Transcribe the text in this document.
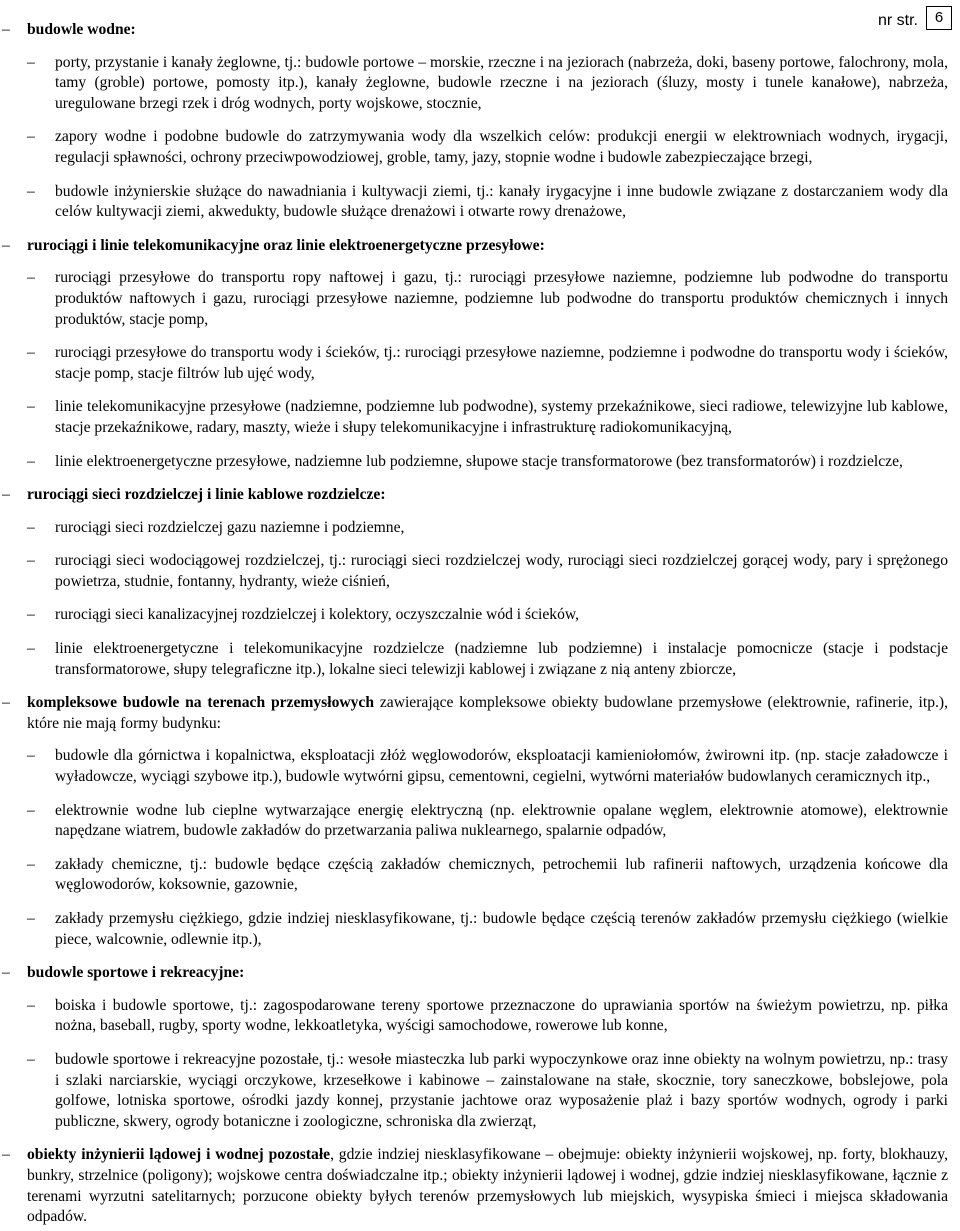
nr str.	6
– budowle wodne:
– porty, przystanie i kanały żeglowne, tj.: budowle portowe – morskie, rzeczne i na jeziorach (nabrzeża, doki, baseny portowe, falochrony, mola, tamy (groble) portowe, pomosty itp.), kanały żeglowne, budowle rzeczne i na jeziorach (śluzy, mosty i tunele kanałowe), nabrzeża, uregulowane brzegi rzek i dróg wodnych, porty wojskowe, stocznie,
– zapory wodne i podobne budowle do zatrzymywania wody dla wszelkich celów: produkcji energii w elektrowniach wodnych, irygacji, regulacji spławności, ochrony przeciwpowodziowej, groble, tamy, jazy, stopnie wodne i budowle zabezpieczające brzegi,
– budowle inżynierskie służące do nawadniania i kultywacji ziemi, tj.: kanały irygacyjne i inne budowle związane z dostarczaniem wody dla celów kultywacji ziemi, akwedukty, budowle służące drenażowi i otwarte rowy drenażowe,
– rurociągi i linie telekomunikacyjne oraz linie elektroenergetyczne przesyłowe:
– rurociągi przesyłowe do transportu ropy naftowej i gazu, tj.: rurociągi przesyłowe naziemne, podziemne lub podwodne do transportu produktów naftowych i gazu, rurociągi przesyłowe naziemne, podziemne lub podwodne do transportu produktów chemicznych i innych produktów, stacje pomp,
– rurociągi przesyłowe do transportu wody i ścieków, tj.: rurociągi przesyłowe naziemne, podziemne i podwodne do transportu wody i ścieków, stacje pomp, stacje filtrów lub ujęć wody,
– linie telekomunikacyjne przesyłowe (nadziemne, podziemne lub podwodne), systemy przekaźnikowe, sieci radiowe, telewizyjne lub kablowe, stacje przekaźnikowe, radary, maszty, wieże i słupy telekomunikacyjne i infrastrukturę radiokomunikacyjną,
– linie elektroenergetyczne przesyłowe, nadziemne lub podziemne, słupowe stacje transformatorowe (bez transformatorów) i rozdzielcze,
– rurociągi sieci rozdzielczej i linie kablowe rozdzielcze:
– rurociągi sieci rozdzielczej gazu naziemne i podziemne,
– rurociągi sieci wodociągowej rozdzielczej, tj.: rurociągi sieci rozdzielczej wody, rurociągi sieci rozdzielczej gorącej wody, pary i sprężonego powietrza, studnie, fontanny, hydranty, wieże ciśnień,
– rurociągi sieci kanalizacyjnej rozdzielczej i kolektory, oczyszczalnie wód i ścieków,
– linie elektroenergetyczne i telekomunikacyjne rozdzielcze (nadziemne lub podziemne) i instalacje pomocnicze (stacje i podstacje transformatorowe, słupy telegraficzne itp.), lokalne sieci telewizji kablowej i związane z nią anteny zbiorcze,
– kompleksowe budowle na terenach przemysłowych zawierające kompleksowe obiekty budowlane przemysłowe (elektrownie, rafinerie, itp.), które nie mają formy budynku:
– budowle dla górnictwa i kopalnictwa, eksploatacji złóż węglowodorów, eksploatacji kamieniołomów, żwirowni itp. (np. stacje załadowcze i wyładowcze, wyciągi szybowe itp.), budowle wytwórni gipsu, cementowni, cegielni, wytwórni materiałów budowlanych ceramicznych itp.,
– elektrownie wodne lub cieplne wytwarzające energię elektryczną (np. elektrownie opalane węglem, elektrownie atomowe), elektrownie napędzane wiatrem, budowle zakładów do przetwarzania paliwa nuklearnego, spalarnie odpadów,
– zakłady chemiczne, tj.: budowle będące częścią zakładów chemicznych, petrochemii lub rafinerii naftowych, urządzenia końcowe dla węglowodorów, koksownie, gazownie,
– zakłady przemysłu ciężkiego, gdzie indziej niesklasyfikowane, tj.: budowle będące częścią terenów zakładów przemysłu ciężkiego (wielkie piece, walcownie, odlewnie itp.),
– budowle sportowe i rekreacyjne:
– boiska i budowle sportowe, tj.: zagospodarowane tereny sportowe przeznaczone do uprawiania sportów na świeżym powietrzu, np. piłka nożna, baseball, rugby, sporty wodne, lekkoatletyka, wyścigi samochodowe, rowerowe lub konne,
– budowle sportowe i rekreacyjne pozostałe, tj.: wesołe miasteczka lub parki wypoczynkowe oraz inne obiekty na wolnym powietrzu, np.: trasy i szlaki narciarskie, wyciągi orczykowe, krzesełkowe i kabinowe – zainstalowane na stałe, skocznie, tory saneczkowe, bobslejowe, pola golfowe, lotniska sportowe, ośrodki jazdy konnej, przystanie jachtowe oraz wyposażenie plaż i bazy sportów wodnych, ogrody i parki publiczne, skwery, ogrody botaniczne i zoologiczne, schroniska dla zwierząt,
– obiekty inżynierii lądowej i wodnej pozostałe, gdzie indziej niesklasyfikowane – obejmuje: obiekty inżynierii wojskowej, np. forty, blokhauzy, bunkry, strzelnice (poligony); wojskowe centra doświadczalne itp.; obiekty inżynierii lądowej i wodnej, gdzie indziej niesklasyfikowane, łącznie z terenami wyrzutni satelitarnych; porzucone obiekty byłych terenów przemysłowych lub miejskich, wysypiska śmieci i miejsca składowania odpadów.
